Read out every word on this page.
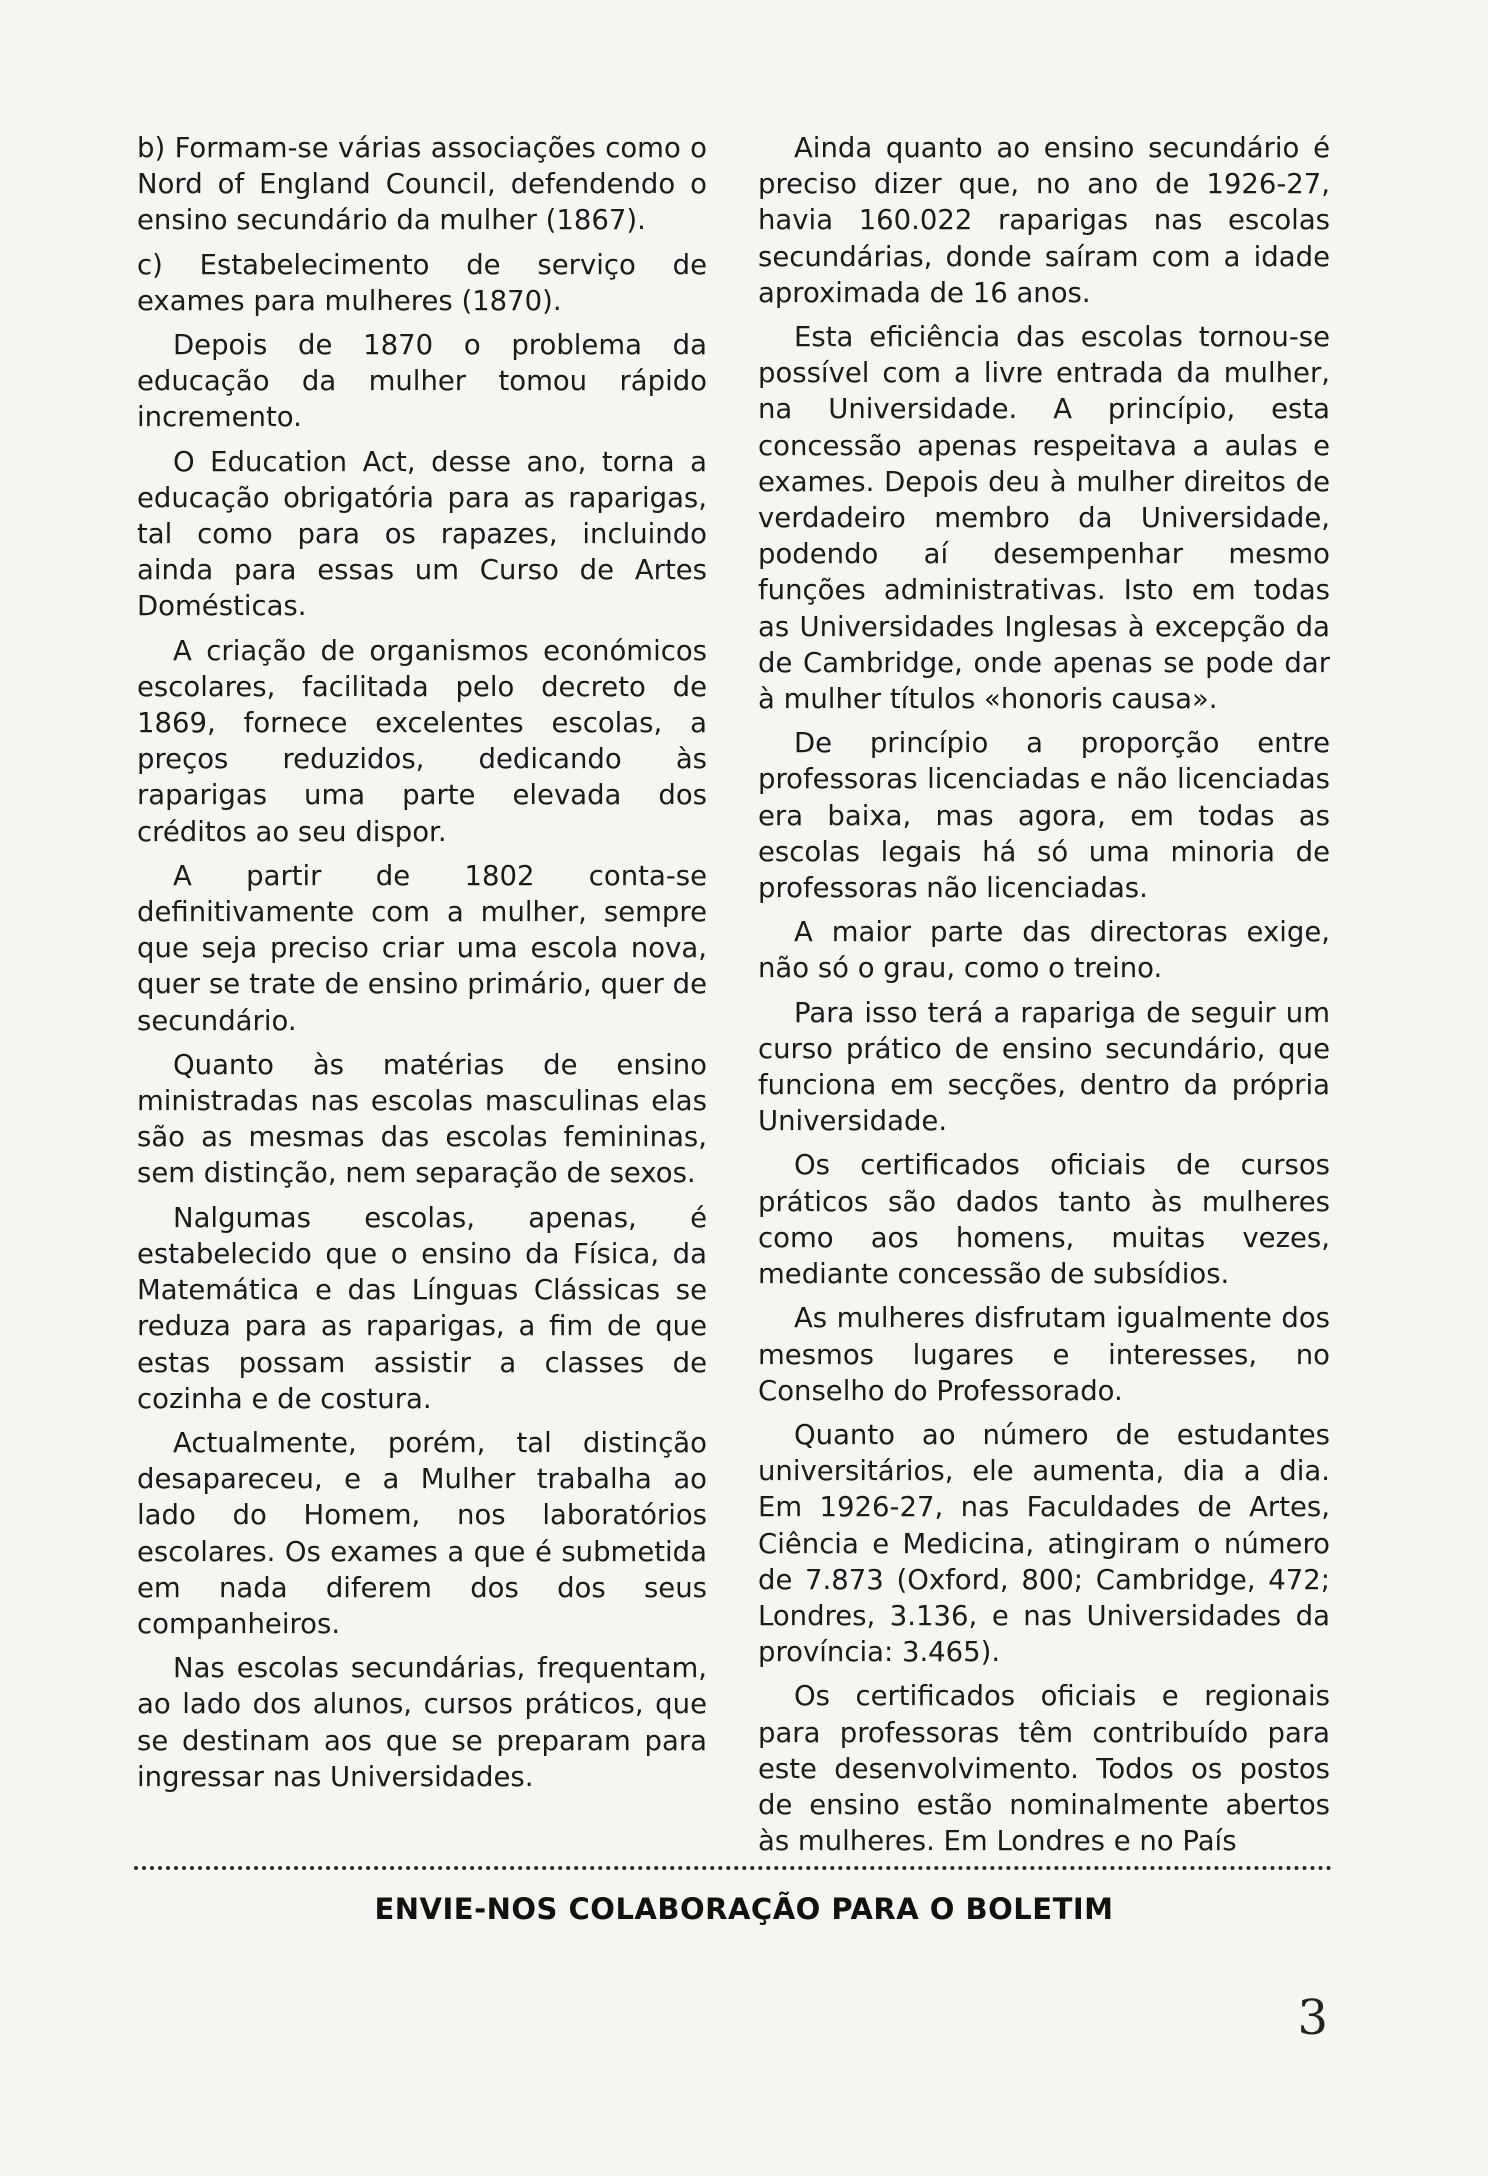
b) Formam-se várias associações como o Nord of England Council, defendendo o ensino secundário da mulher (1867).

c) Estabelecimento de serviço de exames para mulheres (1870).

Depois de 1870 o problema da educação da mulher tomou rápido incremento.

O Education Act, desse ano, torna a educação obrigatória para as raparigas, tal como para os rapazes, incluindo ainda para essas um Curso de Artes Domésticas.

A criação de organismos económicos escolares, facilitada pelo decreto de 1869, fornece excelentes escolas, a preços reduzidos, dedicando às raparigas uma parte elevada dos créditos ao seu dispor.

A partir de 1802 conta-se definitivamente com a mulher, sempre que seja preciso criar uma escola nova, quer se trate de ensino primário, quer de secundário.

Quanto às matérias de ensino ministradas nas escolas masculinas elas são as mesmas das escolas femininas, sem distinção, nem separação de sexos.

Nalgumas escolas, apenas, é estabelecido que o ensino da Física, da Matemática e das Línguas Clássicas se reduza para as raparigas, a fim de que estas possam assistir a classes de cozinha e de costura.

Actualmente, porém, tal distinção desapareceu, e a Mulher trabalha ao lado do Homem, nos laboratórios escolares. Os exames a que é submetida em nada diferem dos dos seus companheiros.

Nas escolas secundárias, frequentam, ao lado dos alunos, cursos práticos, que se destinam aos que se preparam para ingressar nas Universidades.

Ainda quanto ao ensino secundário é preciso dizer que, no ano de 1926-27, havia 160.022 raparigas nas escolas secundárias, donde saíram com a idade aproximada de 16 anos.

Esta eficiência das escolas tornou-se possível com a livre entrada da mulher, na Universidade. A princípio, esta concessão apenas respeitava a aulas e exames. Depois deu à mulher direitos de verdadeiro membro da Universidade, podendo aí desempenhar mesmo funções administrativas. Isto em todas as Universidades Inglesas à excepção da de Cambridge, onde apenas se pode dar à mulher títulos «honoris causa».

De princípio a proporção entre professoras licenciadas e não licenciadas era baixa, mas agora, em todas as escolas legais há só uma minoria de professoras não licenciadas.

A maior parte das directoras exige, não só o grau, como o treino.

Para isso terá a rapariga de seguir um curso prático de ensino secundário, que funciona em secções, dentro da própria Universidade.

Os certificados oficiais de cursos práticos são dados tanto às mulheres como aos homens, muitas vezes, mediante concessão de subsídios.

As mulheres disfrutam igualmente dos mesmos lugares e interesses, no Conselho do Professorado.

Quanto ao número de estudantes universitários, ele aumenta, dia a dia. Em 1926-27, nas Faculdades de Artes, Ciência e Medicina, atingiram o número de 7.873 (Oxford, 800; Cambridge, 472; Londres, 3.136, e nas Universidades da província: 3.465).

Os certificados oficiais e regionais para professoras têm contribuído para este desenvolvimento. Todos os postos de ensino estão nominalmente abertos às mulheres. Em Londres e no País

ENVIE-NOS COLABORAÇÃO PARA O BOLETIM
3
